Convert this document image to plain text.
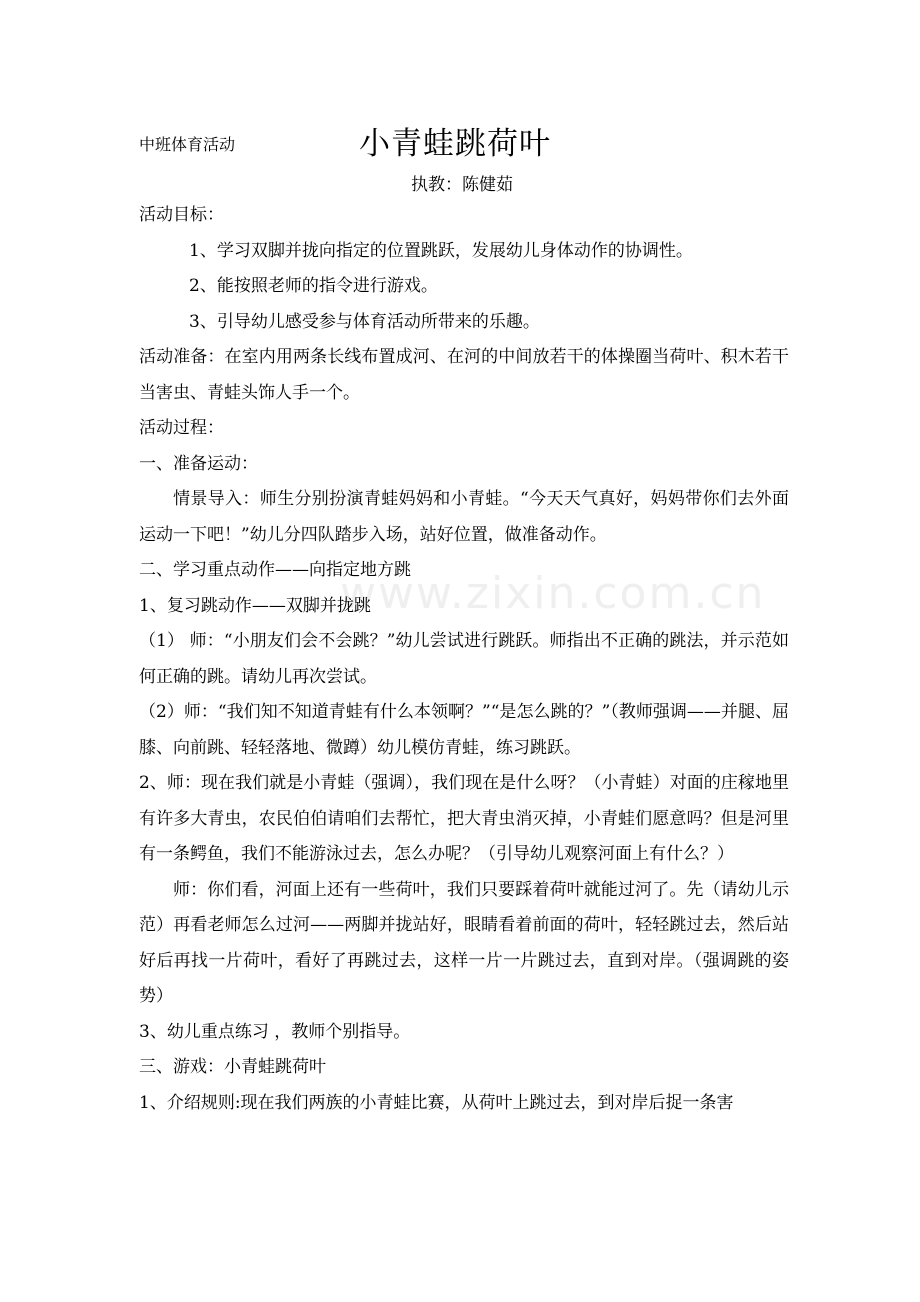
www.zixin.com.cn
中班体育活动	小青蛙跳荷叶
执教：陈健茹

活动目标：

1、学习双脚并拢向指定的位置跳跃，发展幼儿身体动作的协调性。

2、能按照老师的指令进行游戏。

3、引导幼儿感受参与体育活动所带来的乐趣。

活动准备：在室内用两条长线布置成河、在河的中间放若干的体操圈当荷叶、积木若干当害虫、青蛙头饰人手一个。

活动过程：

一、准备运动：

情景导入：师生分别扮演青蛙妈妈和小青蛙。“今天天气真好，妈妈带你们去外面运动一下吧！”幼儿分四队踏步入场，站好位置，做准备动作。

二、学习重点动作——向指定地方跳

1、复习跳动作——双脚并拢跳

（1） 师：“小朋友们会不会跳？”幼儿尝试进行跳跃。师指出不正确的跳法，并示范如何正确的跳。请幼儿再次尝试。

（2）师：“我们知不知道青蛙有什么本领啊？”“是怎么跳的？”（教师强调——并腿、屈膝、向前跳、轻轻落地、微蹲）幼儿模仿青蛙，练习跳跃。

2、师：现在我们就是小青蛙（强调），我们现在是什么呀？（小青蛙）对面的庄稼地里有许多大青虫，农民伯伯请咱们去帮忙，把大青虫消灭掉，小青蛙们愿意吗？但是河里有一条鳄鱼，我们不能游泳过去，怎么办呢？（引导幼儿观察河面上有什么？）

师：你们看，河面上还有一些荷叶，我们只要踩着荷叶就能过河了。先（请幼儿示范）再看老师怎么过河——两脚并拢站好，眼睛看着前面的荷叶，轻轻跳过去，然后站好后再找一片荷叶，看好了再跳过去，这样一片一片跳过去，直到对岸。（强调跳的姿势）

3、幼儿重点练习 ，教师个别指导。

三、游戏：小青蛙跳荷叶

1、介绍规则:现在我们两族的小青蛙比赛，从荷叶上跳过去，到对岸后捉一条害
